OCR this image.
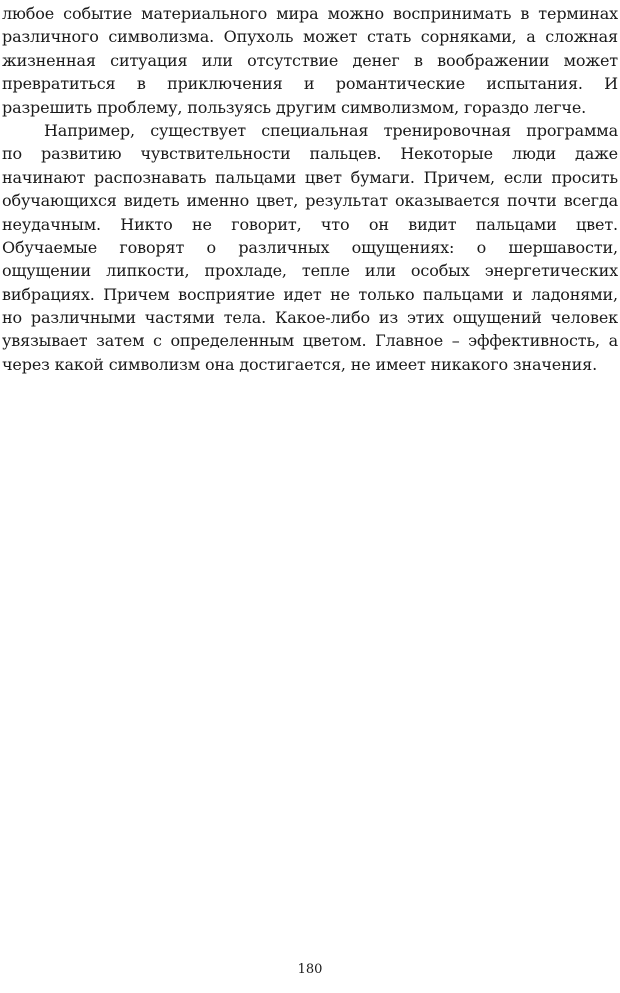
любое событие материального мира можно воспринимать в терминах
различного символизма. Опухоль может стать сорняками, а сложная
жизненная ситуация или отсутствие денег в воображении может
превратиться в приключения и романтические испытания. И
разрешить проблему, пользуясь другим символизмом, гораздо легче.
Например, существует специальная тренировочная программа
по развитию чувствительности пальцев. Некоторые люди даже
начинают распознавать пальцами цвет бумаги. Причем, если просить
обучающихся видеть именно цвет, результат оказывается почти всегда
неудачным. Никто не говорит, что он видит пальцами цвет.
Обучаемые говорят о различных ощущениях: о шершавости,
ощущении липкости, прохладе, тепле или особых энергетических
вибрациях. Причем восприятие идет не только пальцами и ладонями,
но различными частями тела. Какое-либо из этих ощущений человек
увязывает затем с определенным цветом. Главное – эффективность, а
через какой символизм она достигается, не имеет никакого значения.
180
